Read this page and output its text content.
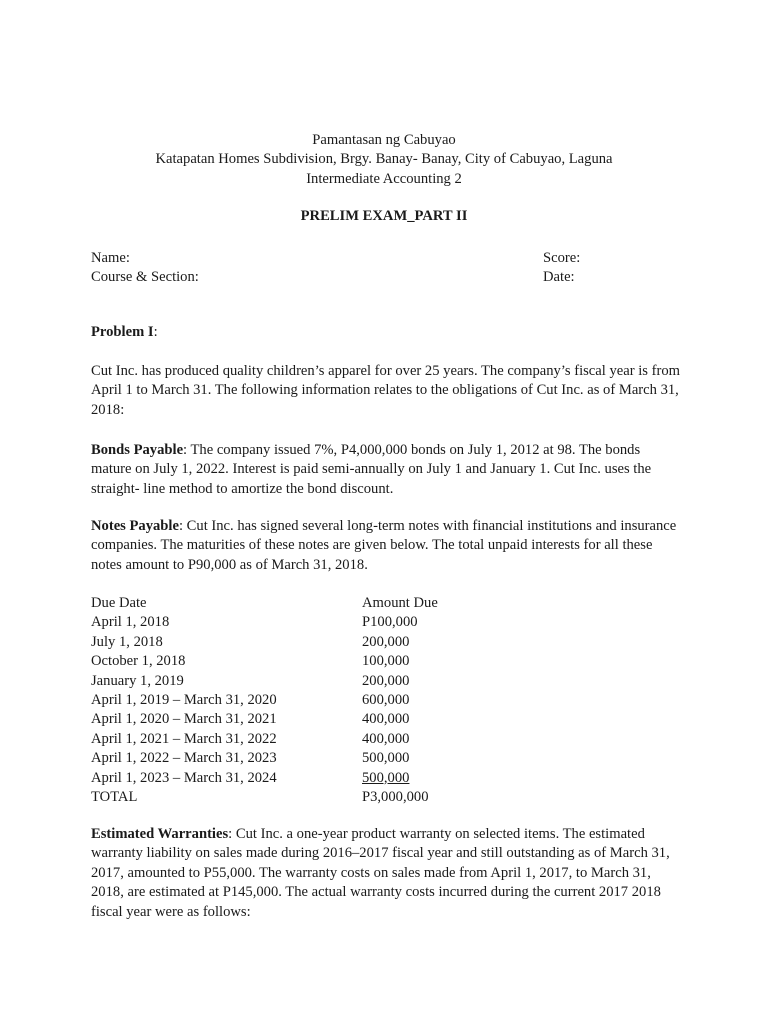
Pamantasan ng Cabuyao
Katapatan Homes Subdivision, Brgy. Banay- Banay, City of Cabuyao, Laguna
Intermediate Accounting 2
PRELIM EXAM_PART II
Name:	Score:
Course & Section:	Date:
Problem I:
Cut Inc. has produced quality children’s apparel for over 25 years. The company’s fiscal year is from April 1 to March 31. The following information relates to the obligations of Cut Inc. as of March 31, 2018:
Bonds Payable: The company issued 7%, P4,000,000 bonds on July 1, 2012 at 98. The bonds mature on July 1, 2022. Interest is paid semi-annually on July 1 and January 1. Cut Inc. uses the straight- line method to amortize the bond discount.
Notes Payable: Cut Inc. has signed several long-term notes with financial institutions and insurance companies. The maturities of these notes are given below. The total unpaid interests for all these notes amount to P90,000 as of March 31, 2018.
Due Date	Amount Due
April 1, 2018	P100,000
July 1, 2018	200,000
October 1, 2018	100,000
January 1, 2019	200,000
April 1, 2019 – March 31, 2020	600,000
April 1, 2020 – March 31, 2021	400,000
April 1, 2021 – March 31, 2022	400,000
April 1, 2022 – March 31, 2023	500,000
April 1, 2023 – March 31, 2024	500,000
TOTAL	P3,000,000
Estimated Warranties: Cut Inc. a one-year product warranty on selected items. The estimated warranty liability on sales made during 2016–2017 fiscal year and still outstanding as of March 31, 2017, amounted to P55,000. The warranty costs on sales made from April 1, 2017, to March 31, 2018, are estimated at P145,000. The actual warranty costs incurred during the current 2017 2018 fiscal year were as follows:
